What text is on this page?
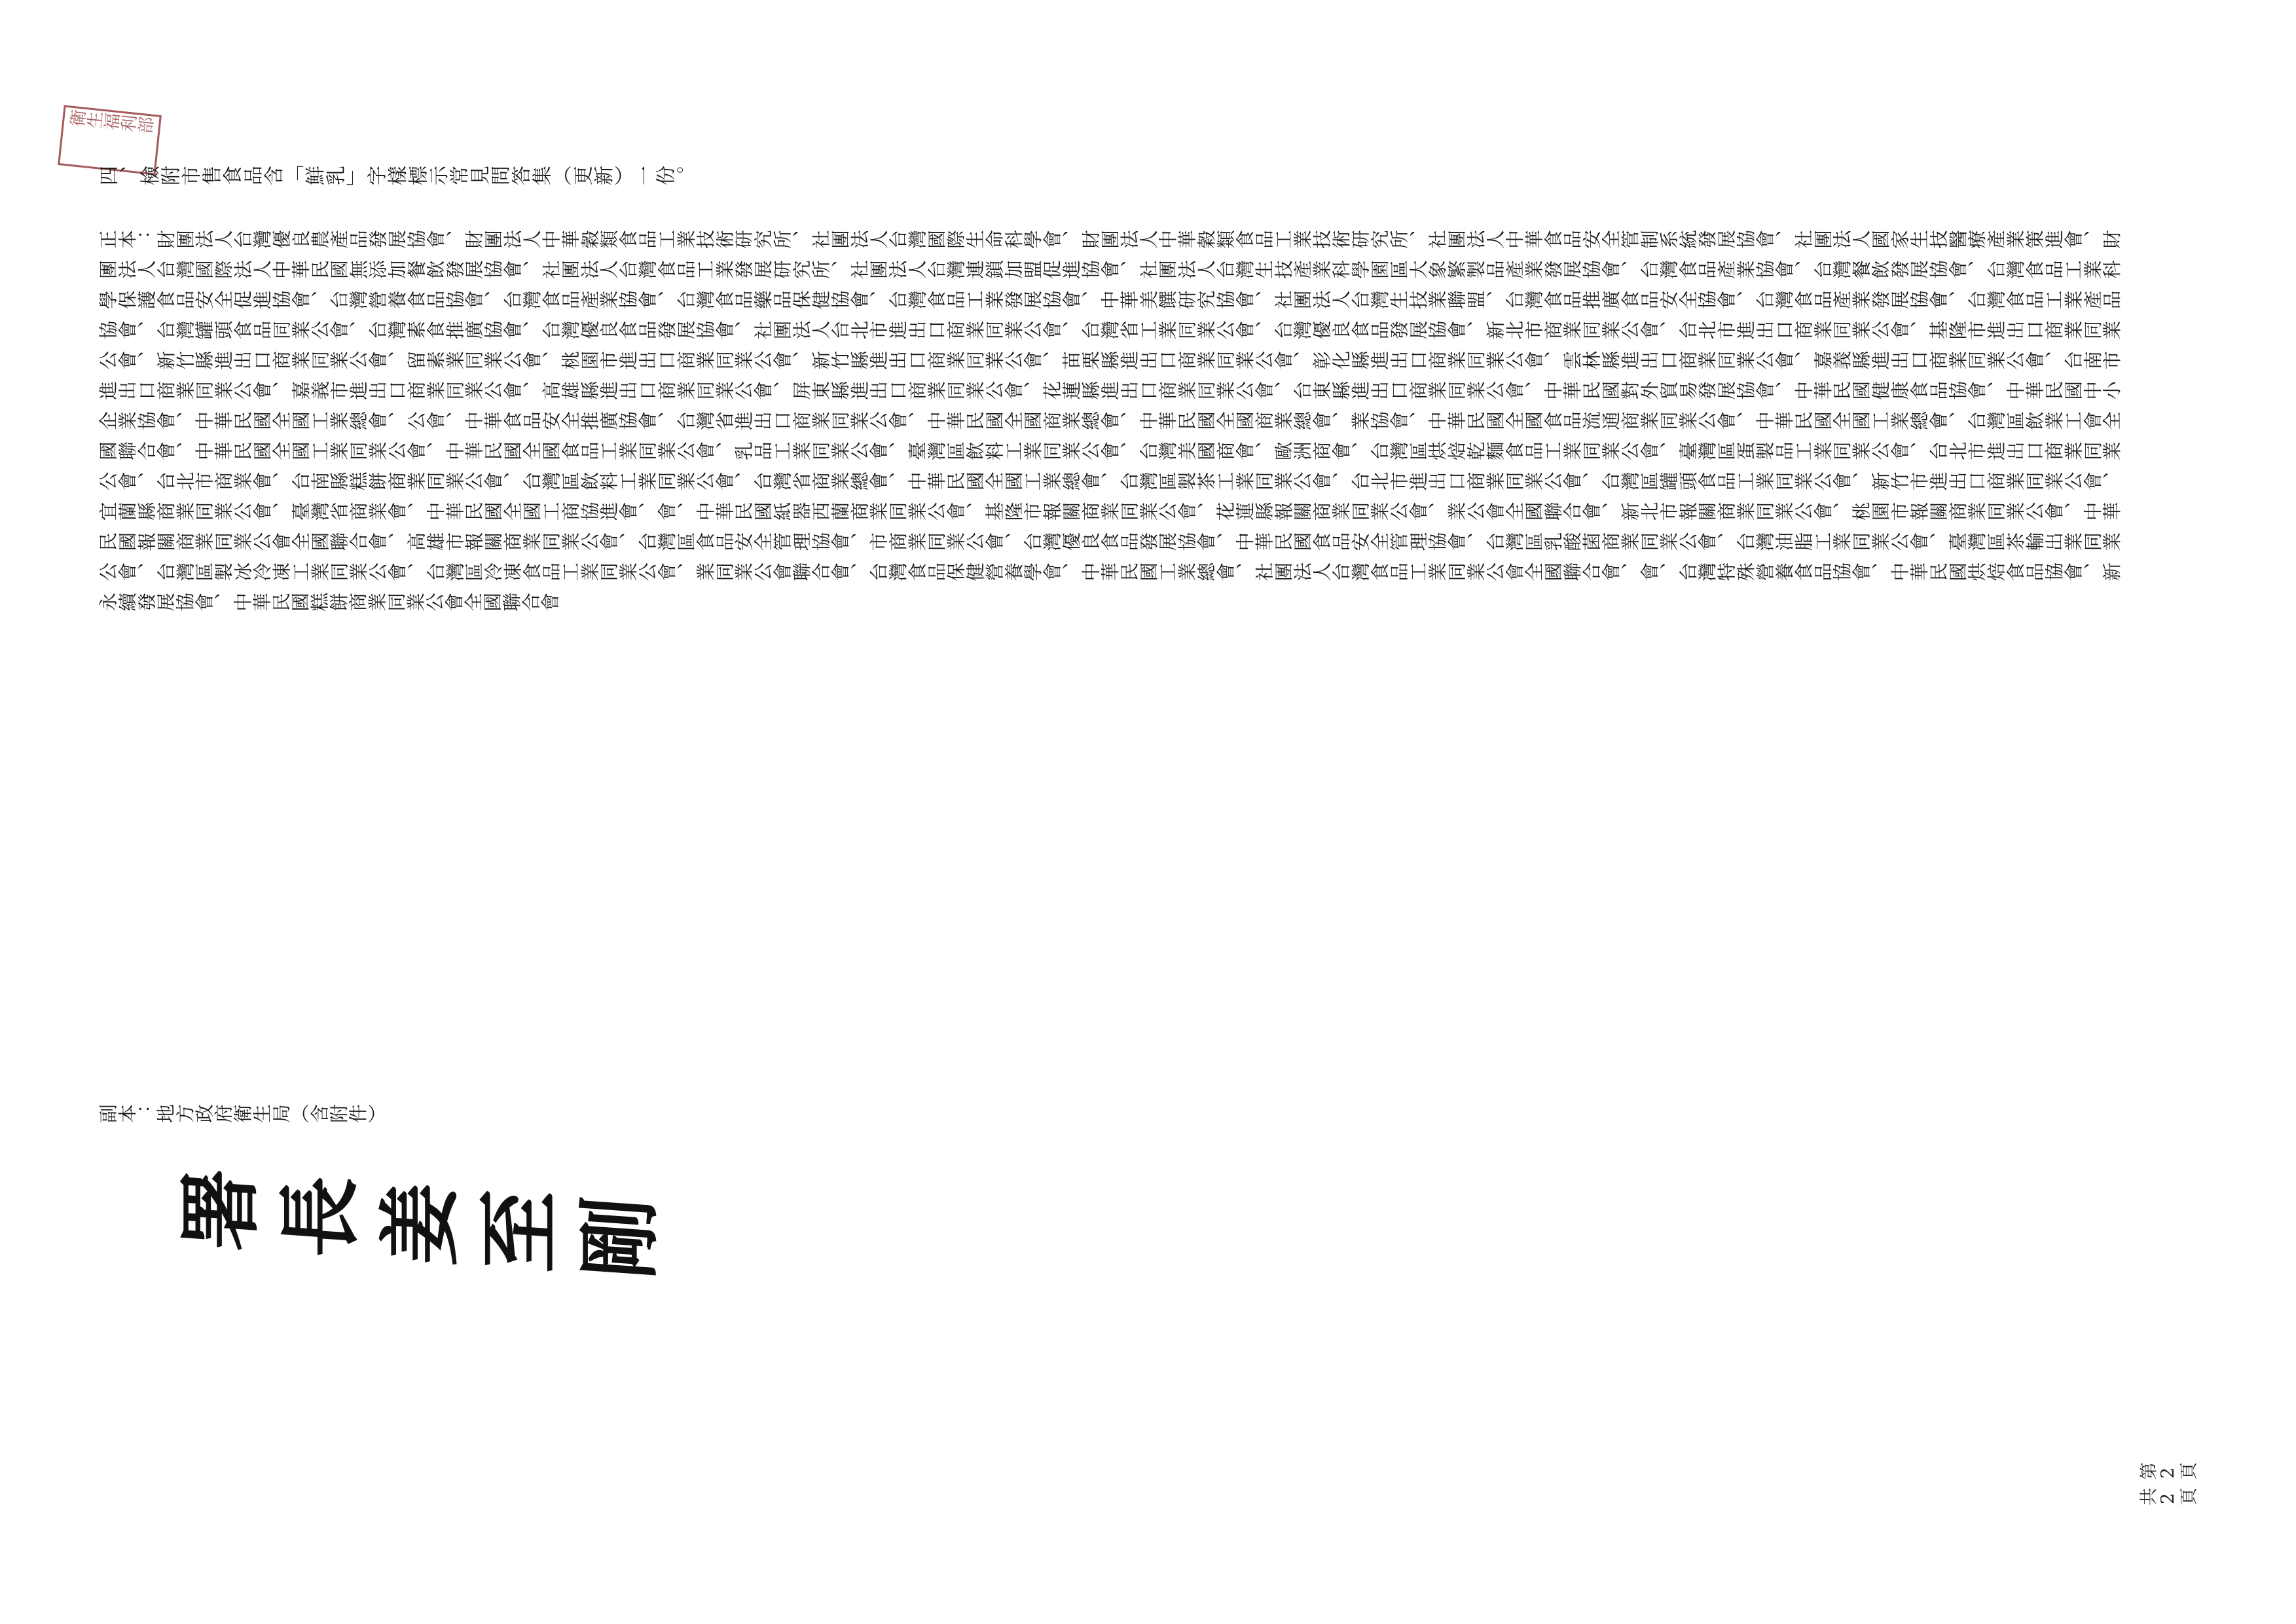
衛生福利部
四、檢附市售食品含「鮮乳」字樣標示常見問答集（更新）一份。
正本：財團法人台灣優良農產品發展協會、財團法人中華穀類食品工業技術研究所、社團法人台灣國際生命科學會、財團法人中華穀類食品工業技術研究所、社團法人中華食品安全管制系統發展協會、社團法人國家生技醫療產業策進會、財團法人台灣國際法人中華民國無添加餐飲發展協會、社團法人台灣食品工業發展研究所、社團法人台灣連鎖加盟促進協會、社團法人台灣生技產業科學園區大象繁製品產業發展協會、台灣食品產業協會、台灣餐飲發展協會、台灣食品工業科學保護食品安全促進協會、台灣營養食品協會、台灣食品產業協會、台灣食品藥品保健協會、台灣食品工業發展協會、中華美饌研究協會、社團法人台灣生技業聯盟、台灣食品推廣食品安全協會、台灣食品產業發展協會、台灣食品工業產品協會、台灣罐頭食品同業公會、台灣素食推廣協會、台灣優良食品發展協會、社團法人台北市進出口商業同業公會、台灣省工業同業公會、台灣優良食品發展協會、新北市商業同業公會、台北市進出口商業同業公會、基隆市進出口商業同業公會、新竹縣進出口商業同業公會、留素業同業公會、桃園市進出口商業同業公會、新竹縣進出口商業同業公會、苗栗縣進出口商業同業公會、彰化縣進出口商業同業公會、雲林縣進出口商業同業公會、嘉義縣進出口商業同業公會、台南市進出口商業同業公會、嘉義市進出口商業同業公會、高雄縣進出口商業同業公會、屏東縣進出口商業同業公會、花蓮縣進出口商業同業公會、台東縣進出口商業同業公會、中華民國對外貿易發展協會、中華民國健康食品協會、中華民國中小企業協會、中華民國全國工業總會、公會、中華食品安全推廣協會、台灣省進出口商業同業公會、中華民國全國商業總會、中華民國全國商業總會、業協會、中華民國全國食品流通商業同業公會、中華民國全國工業總會、台灣區飲業工會全國聯合會、中華民國全國工業同業公會、中華民國全國食品工業同業公會、乳品工業同業公會、臺灣區飲料工業同業公會、台灣美國商會、歐洲商會、台灣區烘焙乾麵食品工業同業公會、臺灣區蛋製品工業同業公會、台北市進出口商業同業公會、台北市商業會、台南縣糕餅商業同業公會、台灣區飲料工業同業公會、台灣省商業總會、中華民國全國工業總會、台灣區製茶工業同業公會、台北市進出口商業同業公會、台灣區罐頭食品工業同業公會、新竹市進出口商業同業公會、宜蘭縣商業同業公會、臺灣省商業會、中華民國全國工商協進會、會、中華民國紙器西蘭商業同業公會、基隆市報關商業同業公會、花蓮縣報關商業同業公會、業公會全國聯合會、新北市報關商業同業公會、桃園市報關商業同業公會、中華民國報關商業同業公會全國聯合會、高雄市報關商業同業公會、台灣區食品安全管理協會、市商業同業公會、台灣優良食品發展協會、中華民國食品安全管理協會、台灣區乳酸菌商業同業公會、台灣油脂工業同業公會、臺灣區茶輸出業同業公會、台灣區製冰冷凍工業同業公會、台灣區冷凍食品工業同業公會、業同業公會聯合會、台灣食品保健營養學會、中華民國工業總會、社團法人台灣食品工業同業公會全國聯合會、會、台灣特殊營養食品協會、中華民國烘焙食品協會、新永續發展協會、中華民國糕餅商業同業公會全國聯合會
副本：地方政府衛生局（含附件）
署長姜至剛
第2頁
共2頁
